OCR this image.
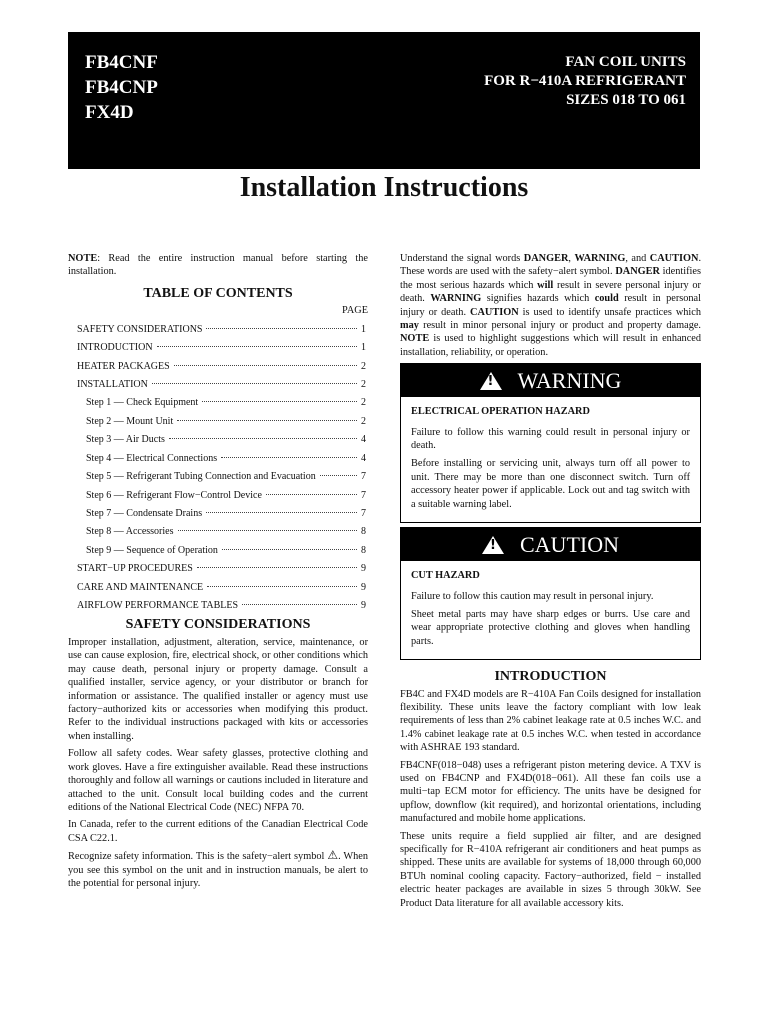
FB4CNF
FB4CNP
FX4D
FAN COIL UNITS
FOR R−410A REFRIGERANT
SIZES 018 TO 061
Installation Instructions

NOTE: Read the entire instruction manual before starting the installation.

TABLE OF CONTENTS
PAGE
SAFETY CONSIDERATIONS	1
INTRODUCTION	1
HEATER PACKAGES	2
INSTALLATION	2
Step 1 — Check Equipment	2
Step 2 — Mount Unit	2
Step 3 — Air Ducts	4
Step 4 — Electrical Connections	4
Step 5 — Refrigerant Tubing Connection and Evacuation	7
Step 6 — Refrigerant Flow−Control Device	7
Step 7 — Condensate Drains	7
Step 8 — Accessories	8
Step 9 — Sequence of Operation	8
START−UP PROCEDURES	9
CARE AND MAINTENANCE	9
AIRFLOW PERFORMANCE TABLES	9
SAFETY CONSIDERATIONS

Improper installation, adjustment, alteration, service, maintenance, or use can cause explosion, fire, electrical shock, or other conditions which may cause death, personal injury or property damage. Consult a qualified installer, service agency, or your distributor or branch for information or assistance. The qualified installer or agency must use factory−authorized kits or accessories when modifying this product. Refer to the individual instructions packaged with kits or accessories when installing.

Follow all safety codes. Wear safety glasses, protective clothing and work gloves. Have a fire extinguisher available. Read these instructions thoroughly and follow all warnings or cautions included in literature and attached to the unit. Consult local building codes and the current editions of the National Electrical Code (NEC) NFPA 70.

In Canada, refer to the current editions of the Canadian Electrical Code CSA C22.1.

Recognize safety information. This is the safety−alert symbol ⚠. When you see this symbol on the unit and in instruction manuals, be alert to the potential for personal injury.

Understand the signal words DANGER, WARNING, and CAUTION. These words are used with the safety−alert symbol. DANGER identifies the most serious hazards which will result in severe personal injury or death. WARNING signifies hazards which could result in personal injury or death. CAUTION is used to identify unsafe practices which may result in minor personal injury or product and property damage. NOTE is used to highlight suggestions which will result in enhanced installation, reliability, or operation.

! WARNING
ELECTRICAL OPERATION HAZARD

Failure to follow this warning could result in personal injury or death.

Before installing or servicing unit, always turn off all power to unit. There may be more than one disconnect switch. Turn off accessory heater power if applicable. Lock out and tag switch with a suitable warning label.

! CAUTION
CUT HAZARD

Failure to follow this caution may result in personal injury.

Sheet metal parts may have sharp edges or burrs. Use care and wear appropriate protective clothing and gloves when handling parts.

INTRODUCTION

FB4C and FX4D models are R−410A Fan Coils designed for installation flexibility. These units leave the factory compliant with low leak requirements of less than 2% cabinet leakage rate at 0.5 inches W.C. and 1.4% cabinet leakage rate at 0.5 inches W.C. when tested in accordance with ASHRAE 193 standard.

FB4CNF(018−048) uses a refrigerant piston metering device. A TXV is used on FB4CNP and FX4D(018−061). All these fan coils use a multi−tap ECM motor for efficiency. The units have be designed for upflow, downflow (kit required), and horizontal orientations, including manufactured and mobile home applications.

These units require a field supplied air filter, and are designed specifically for R−410A refrigerant air conditioners and heat pumps as shipped. These units are available for systems of 18,000 through 60,000 BTUh nominal cooling capacity. Factory−authorized, field − installed electric heater packages are available in sizes 5 through 30kW. See Product Data literature for all available accessory kits.
